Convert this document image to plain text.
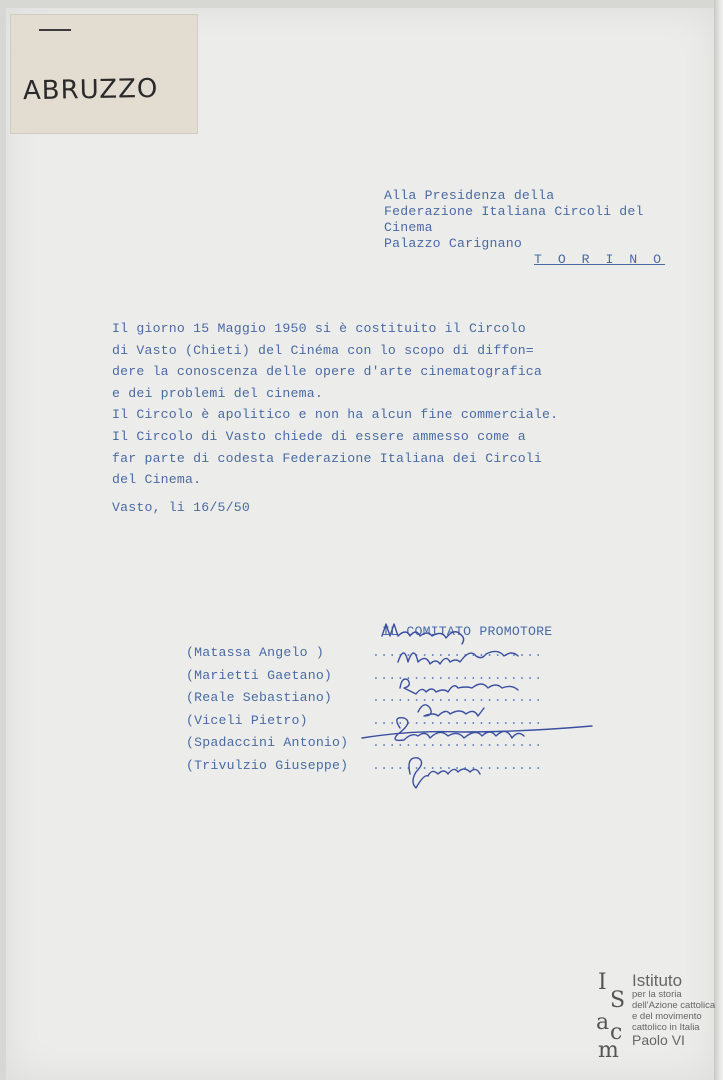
ABRUZZO
Alla Presidenza della
Federazione Italiana Circoli del
Cinema
Palazzo Carignano
T O R I N O
Il giorno 15 Maggio 1950 si è costituito il Circolo
di Vasto (Chieti) del Cinéma con lo scopo di diffon=
dere la conoscenza delle opere d'arte cinematografica
e dei problemi del cinema.
Il Circolo è apolitico e non ha alcun fine commerciale.
Il Circolo di Vasto chiede di essere ammesso come a
far parte di codesta Federazione Italiana dei Circoli
del Cinema.
Vasto, li 16/5/50
IL COMITATO PROMOTORE
(Matassa Angelo )	.....................
(Marietti Gaetano)	.....................
(Reale Sebastiano)	.....................
(Viceli Pietro)	.....................
(Spadaccini Antonio)	.....................
(Trivulzio Giuseppe)	.....................
I
S
a c
m
Istituto
per la storia
dell'Azione cattolica
e del movimento
cattolico in Italia
Paolo VI
